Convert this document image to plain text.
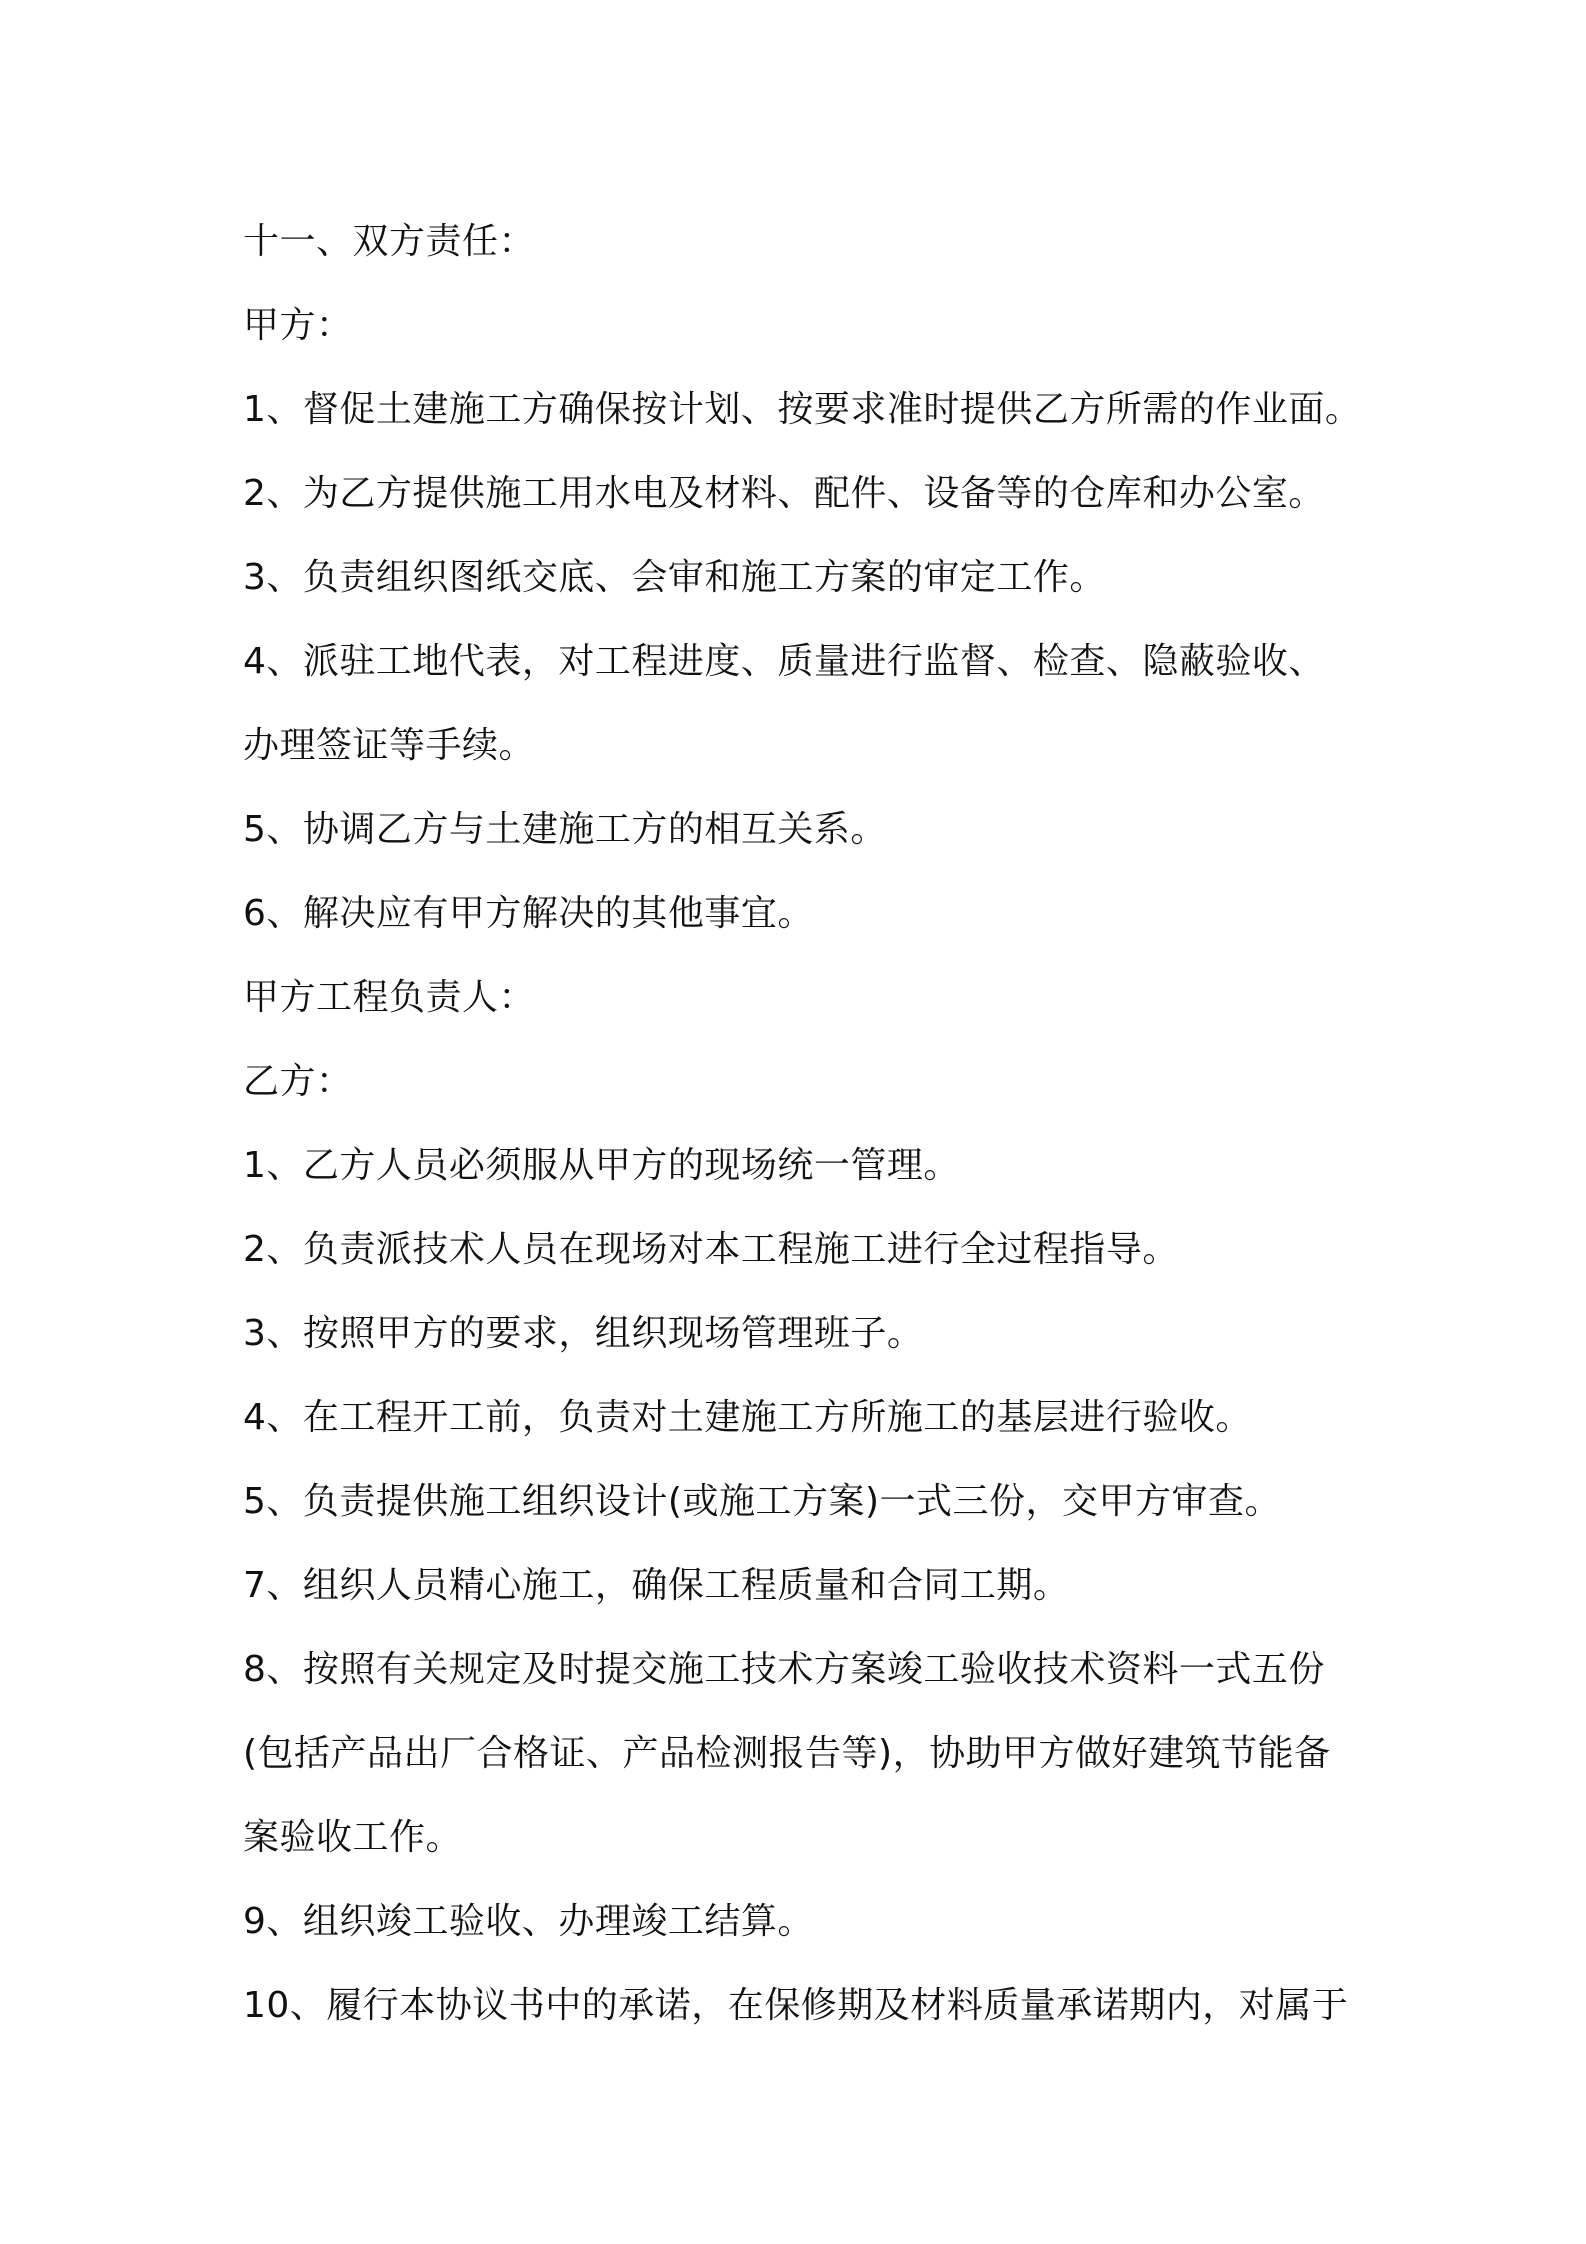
十一、双方责任：
甲方：
1、督促土建施工方确保按计划、按要求准时提供乙方所需的作业面。
2、为乙方提供施工用水电及材料、配件、设备等的仓库和办公室。
3、负责组织图纸交底、会审和施工方案的审定工作。
4、派驻工地代表，对工程进度、质量进行监督、检查、隐蔽验收、
办理签证等手续。
5、协调乙方与土建施工方的相互关系。
6、解决应有甲方解决的其他事宜。
甲方工程负责人：
乙方：
1、乙方人员必须服从甲方的现场统一管理。
2、负责派技术人员在现场对本工程施工进行全过程指导。
3、按照甲方的要求，组织现场管理班子。
4、在工程开工前，负责对土建施工方所施工的基层进行验收。
5、负责提供施工组织设计(或施工方案)一式三份，交甲方审查。
7、组织人员精心施工，确保工程质量和合同工期。
8、按照有关规定及时提交施工技术方案竣工验收技术资料一式五份
(包括产品出厂合格证、产品检测报告等)，协助甲方做好建筑节能备
案验收工作。
9、组织竣工验收、办理竣工结算。
10、履行本协议书中的承诺，在保修期及材料质量承诺期内，对属于
